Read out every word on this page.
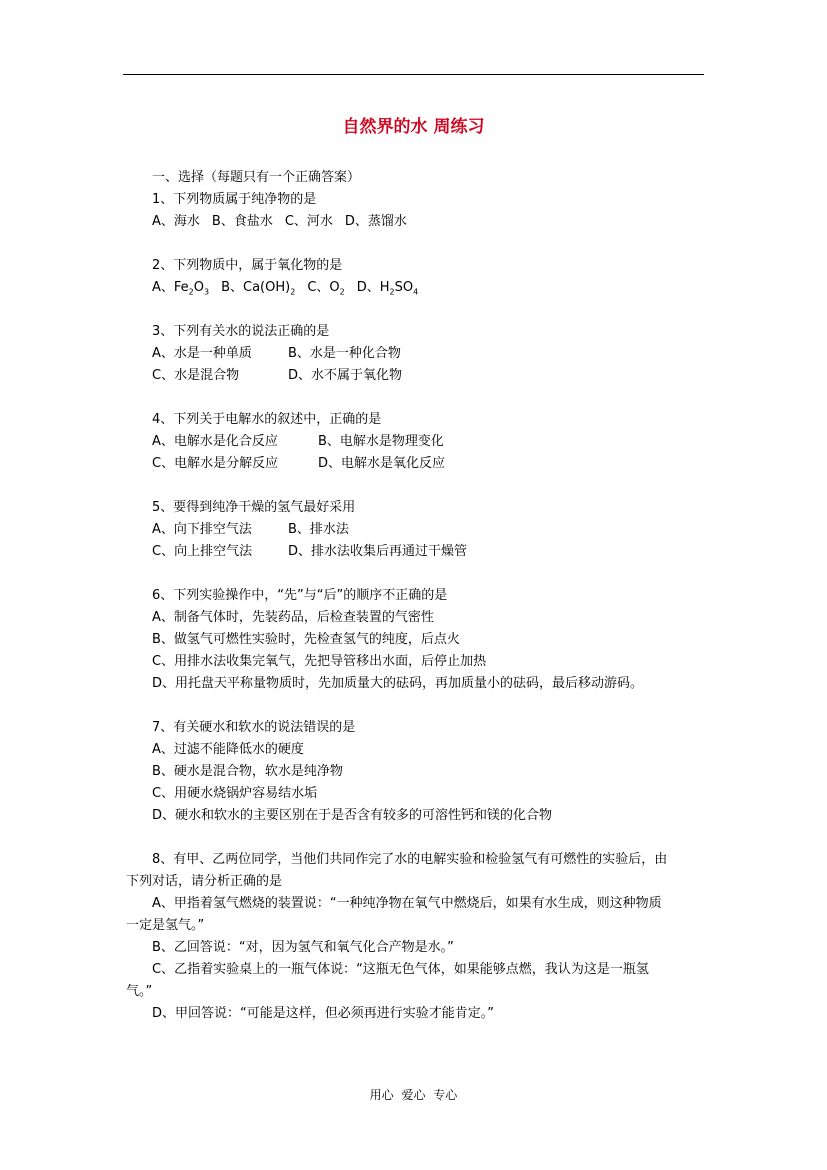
自然界的水 周练习
一、选择（每题只有一个正确答案）
1、下列物质属于纯净物的是
A、海水 B、食盐水 C、河水 D、蒸馏水
2、下列物质中，属于氧化物的是
A、$Fe_2O_3$ B、$Ca(OH)_2$ C、$O_2$ D、$H_2SO_4$
3、下列有关水的说法正确的是
A、水是一种单质	B、水是一种化合物
C、水是混合物	D、水不属于氧化物
4、下列关于电解水的叙述中，正确的是
A、电解水是化合反应	B、电解水是物理变化
C、电解水是分解反应	D、电解水是氧化反应
5、要得到纯净干燥的氢气最好采用
A、向下排空气法	B、排水法
C、向上排空气法	D、排水法收集后再通过干燥管
6、下列实验操作中，“先”与“后”的顺序不正确的是
A、制备气体时，先装药品，后检查装置的气密性
B、做氢气可燃性实验时，先检查氢气的纯度，后点火
C、用排水法收集完氧气，先把导管移出水面，后停止加热
D、用托盘天平称量物质时，先加质量大的砝码，再加质量小的砝码，最后移动游码。
7、有关硬水和软水的说法错误的是
A、过滤不能降低水的硬度
B、硬水是混合物，软水是纯净物
C、用硬水烧锅炉容易结水垢
D、硬水和软水的主要区别在于是否含有较多的可溶性钙和镁的化合物
8、有甲、乙两位同学，当他们共同作完了水的电解实验和检验氢气有可燃性的实验后，由
下列对话，请分析正确的是
A、甲指着氢气燃烧的装置说：“一种纯净物在氧气中燃烧后，如果有水生成，则这种物质
一定是氢气。”
B、乙回答说：“对，因为氢气和氧气化合产物是水。”
C、乙指着实验桌上的一瓶气体说：“这瓶无色气体，如果能够点燃，我认为这是一瓶氢
气。”
D、甲回答说：“可能是这样，但必须再进行实验才能肯定。”
用心 爱心 专心
